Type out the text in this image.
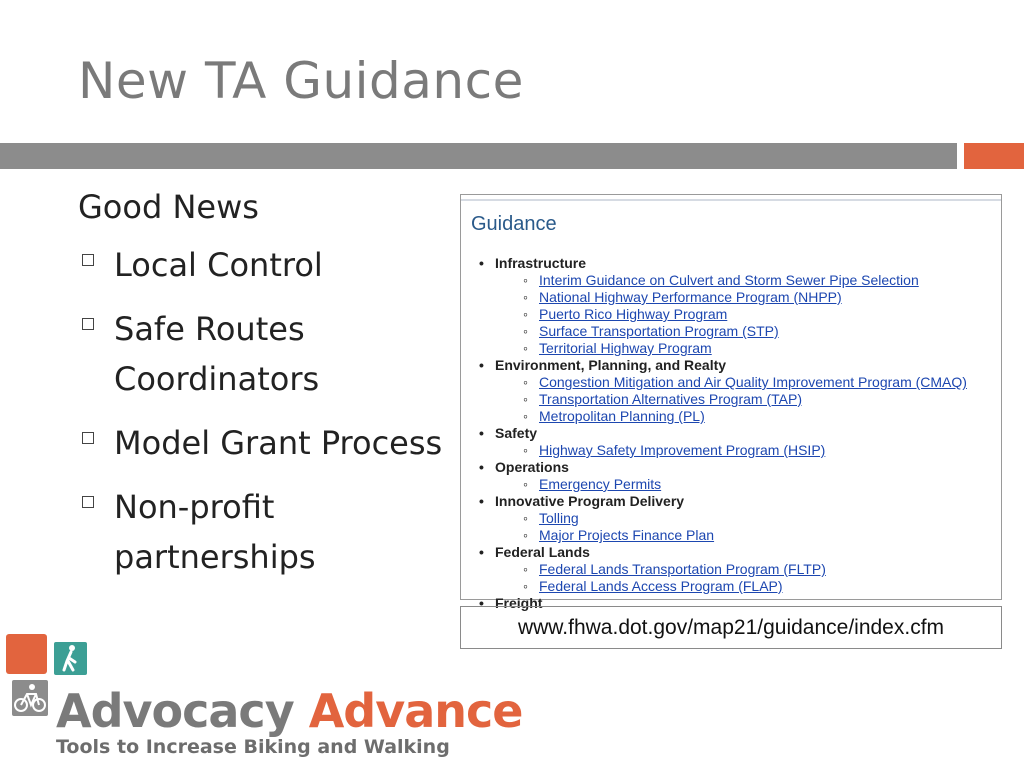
New TA Guidance
Good News
Local Control
Safe Routes Coordinators
Model Grant Process
Non-profit partnerships
Guidance
• Infrastructure
◦ Interim Guidance on Culvert and Storm Sewer Pipe Selection
◦ National Highway Performance Program (NHPP)
◦ Puerto Rico Highway Program
◦ Surface Transportation Program (STP)
◦ Territorial Highway Program
• Environment, Planning, and Realty
◦ Congestion Mitigation and Air Quality Improvement Program (CMAQ)
◦ Transportation Alternatives Program (TAP)
◦ Metropolitan Planning (PL)
• Safety
◦ Highway Safety Improvement Program (HSIP)
• Operations
◦ Emergency Permits
• Innovative Program Delivery
◦ Tolling
◦ Major Projects Finance Plan
• Federal Lands
◦ Federal Lands Transportation Program (FLTP)
◦ Federal Lands Access Program (FLAP)
• Freight
www.fhwa.dot.gov/map21/guidance/index.cfm
Advocacy Advance
Tools to Increase Biking and Walking
